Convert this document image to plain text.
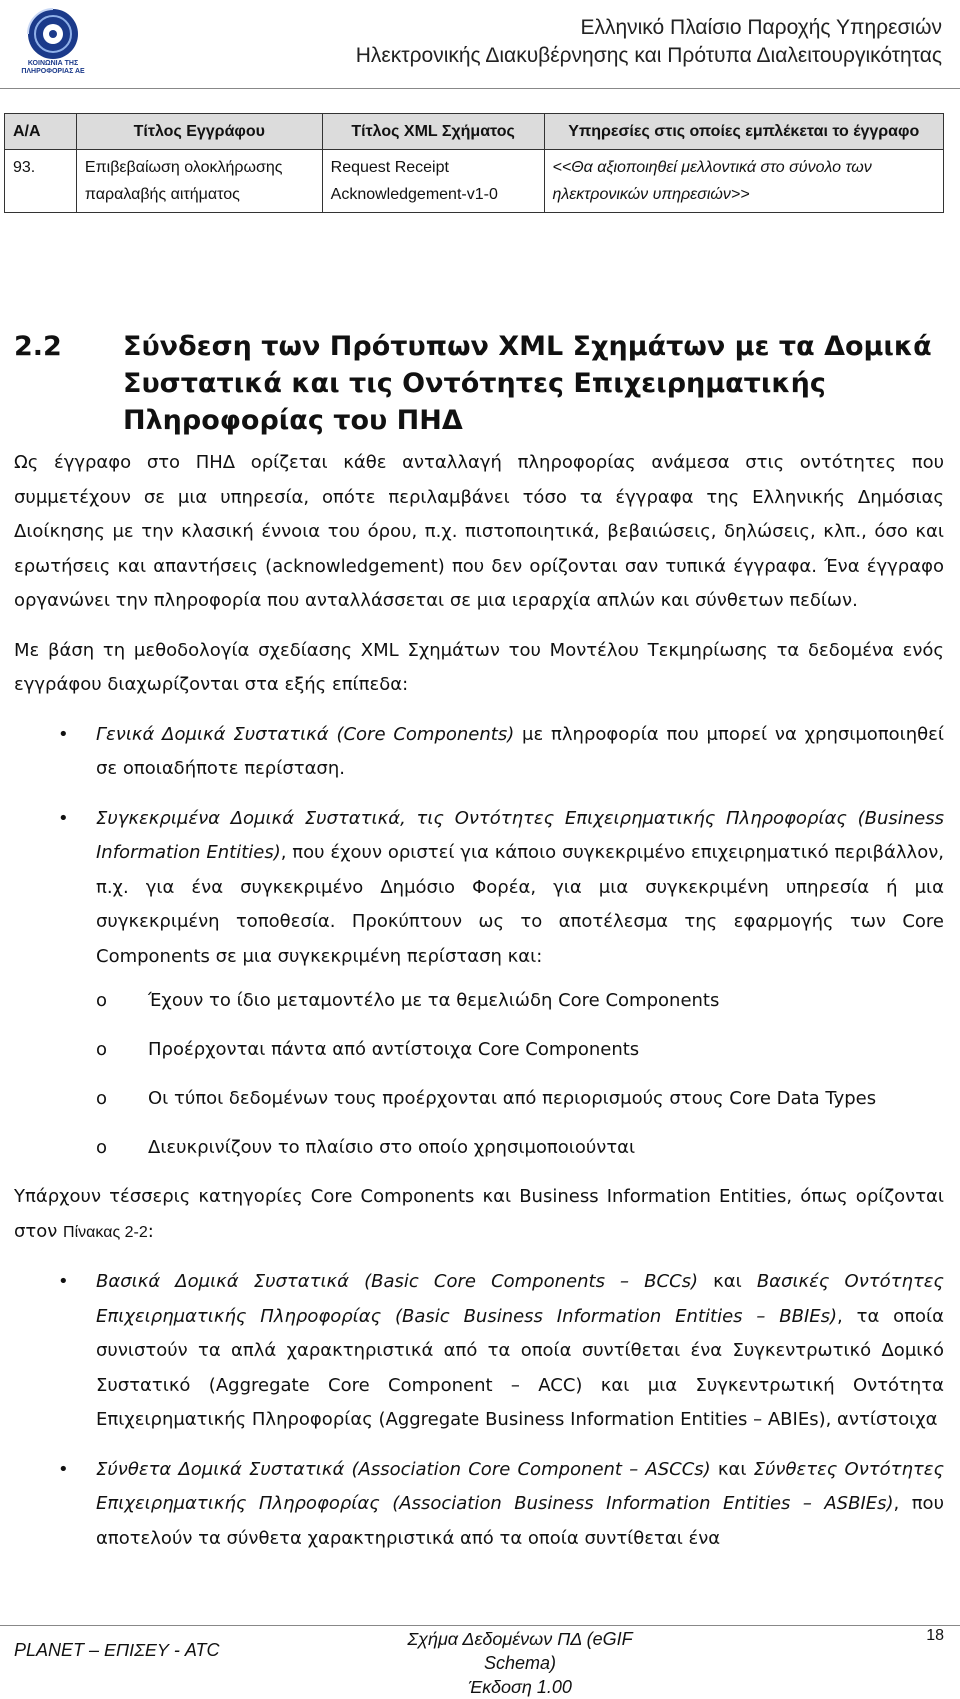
ΚΟΙΝΩΝΙΑ ΤΗΣ
ΠΛΗΡΟΦΟΡΙΑΣ ΑΕ
Ελληνικό Πλαίσιο Παροχής Υπηρεσιών
Ηλεκτρονικής Διακυβέρνησης και Πρότυπα Διαλειτουργικότητας
Α/Α	Τίτλος Εγγράφου	Τίτλος XML Σχήματος	Υπηρεσίες στις οποίες εμπλέκεται το έγγραφο
93.	Επιβεβαίωση ολοκλήρωσης παραλαβής αιτήματος	Request Receipt Acknowledgement-v1-0	<<Θα αξιοποιηθεί μελλοντικά στο σύνολο των ηλεκτρονικών υπηρεσιών>>
2.2 Σύνδεση των Πρότυπων XML Σχημάτων με τα Δομικά Συστατικά και τις Οντότητες Επιχειρηματικής Πληροφορίας του ΠΗΔ

Ως έγγραφο στο ΠΗΔ ορίζεται κάθε ανταλλαγή πληροφορίας ανάμεσα στις οντότητες που συμμετέχουν σε μια υπηρεσία, οπότε περιλαμβάνει τόσο τα έγγραφα της Ελληνικής Δημόσιας Διοίκησης με την κλασική έννοια του όρου, π.χ. πιστοποιητικά, βεβαιώσεις, δηλώσεις, κλπ., όσο και ερωτήσεις και απαντήσεις (acknowledgement) που δεν ορίζονται σαν τυπικά έγγραφα. Ένα έγγραφο οργανώνει την πληροφορία που ανταλλάσσεται σε μια ιεραρχία απλών και σύνθετων πεδίων.

Με βάση τη μεθοδολογία σχεδίασης XML Σχημάτων του Μοντέλου Τεκμηρίωσης τα δεδομένα ενός εγγράφου διαχωρίζονται στα εξής επίπεδα:

• Γενικά Δομικά Συστατικά (Core Components) με πληροφορία που μπορεί να χρησιμοποιηθεί σε οποιαδήποτε περίσταση.
• Συγκεκριμένα Δομικά Συστατικά, τις Οντότητες Επιχειρηματικής Πληροφορίας (Business Information Entities), που έχουν οριστεί για κάποιο συγκεκριμένο επιχειρηματικό περιβάλλον, π.χ. για ένα συγκεκριμένο Δημόσιο Φορέα, για μια συγκεκριμένη υπηρεσία ή μια συγκεκριμένη τοποθεσία. Προκύπτουν ως το αποτέλεσμα της εφαρμογής των Core Components σε μια συγκεκριμένη περίσταση και:
o Έχουν το ίδιο μεταμοντέλο με τα θεμελιώδη Core Components
o Προέρχονται πάντα από αντίστοιχα Core Components
o Οι τύποι δεδομένων τους προέρχονται από περιορισμούς στους Core Data Types
o Διευκρινίζουν το πλαίσιο στο οποίο χρησιμοποιούνται

Υπάρχουν τέσσερις κατηγορίες Core Components και Business Information Entities, όπως ορίζονται στον Πίνακας 2-2:

• Βασικά Δομικά Συστατικά (Basic Core Components – BCCs) και Βασικές Οντότητες Επιχειρηματικής Πληροφορίας (Basic Business Information Entities – BBIEs), τα οποία συνιστούν τα απλά χαρακτηριστικά από τα οποία συντίθεται ένα Συγκεντρωτικό Δομικό Συστατικό (Aggregate Core Component – ACC) και μια Συγκεντρωτική Οντότητα Επιχειρηματικής Πληροφορίας (Aggregate Business Information Entities – ABIEs), αντίστοιχα
• Σύνθετα Δομικά Συστατικά (Association Core Component – ASCCs) και Σύνθετες Οντότητες Επιχειρηματικής Πληροφορίας (Association Business Information Entities – ASBIEs), που αποτελούν τα σύνθετα χαρακτηριστικά από τα οποία συντίθεται ένα
PLANET – ΕΠΙΣΕΥ - ATC
Σχήμα Δεδομένων ΠΔ (eGIF Schema)
Έκδοση 1.00
18
